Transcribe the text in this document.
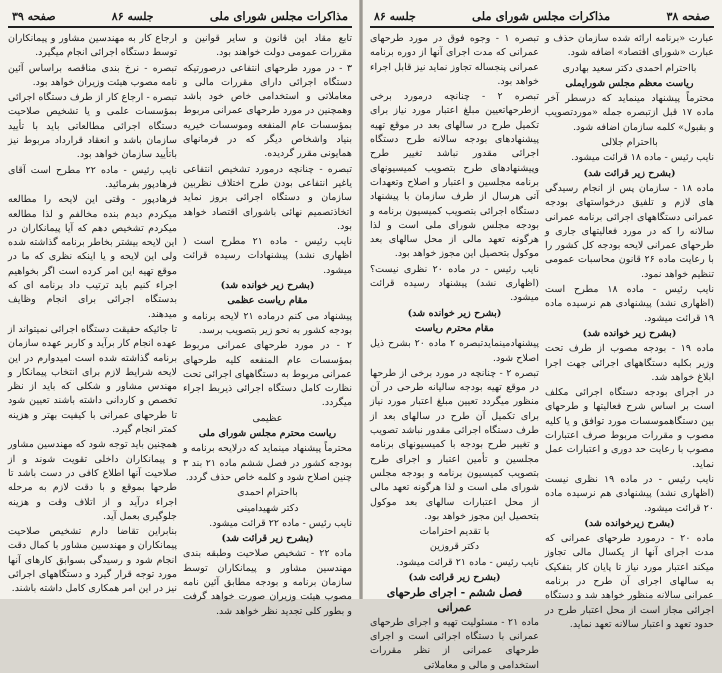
مذاکرات مجلس شورای ملی
جلسه ۸۶
صفحه ۳۹

تابع مقاد این قانون و سایر قوانین و مقررات عمومی دولت خواهند بود.

۳ - در مورد طرحهای انتفاعی درصورتیکه دستگاه اجرائی دارای مقررات مالی و معاملاتی و استخدامی خاص خود باشد وهمچنین در مورد طرحهای عمرانی مربوط بمؤسسات عام المنفعه وموسسات خیریه بنیاد واشخاص دیگر که در فرمانهای همایونی مقرر گردیده.

تبصره - چنانچه درمورد تشخیص انتفاعی یاغیر انتفاعی بودن طرح اختلاف نظربین سازمان و دستگاه اجرائی بروز نماید اتخاذتصمیم نهائی باشورای اقتصاد خواهد بود.

نایب رئیس - ماده ۲۱ مطرح است ( اظهاری نشد) پیشنهادات رسیده قرائت میشود.

(بشرح زیر خوانده شد)

مقام ریاست عظمی

پیشنهاد می کنم درماده ۲۱ لایحه برنامه و بودجه کشور به نحو زیر بتصویب برسد.

۲ - در مورد طرحهای عمرانی مربوط بمؤسسات عام المنفعه کلیه طرحهای عمرانی مربوط به دستگاههای اجرائی تحت نظارت کامل دستگاه اجرائی ذیربط اجراء میگردد.

عظیمی

ریاست محترم مجلس شورای ملی

محترماً پیشنهاد مینماید که درلایحه برنامه و بودجه کشور در فصل ششم ماده ۲۱ بند ۳ چنین اصلاح شود و کلمه خاص حذف گردد.

بااحترام احمدی

دکتر شهیدامینی

نایب رئیس - ماده ۲۲ قرائت میشود.

(بشرح زیر قرائت شد)

ماده ۲۲ - تشخیص صلاحیت وطبقه بندی مهندسین مشاور و پیمانکاران توسط سازمان برنامه و بودجه مطابق آئین نامه مصوب هیئت وزیران صورت خواهد گرفت و بطور کلی تجدید نظر خواهد شد.

ارجاع کار به مهندسین مشاور و پیمانکاران توسط دستگاه اجرائی انجام میگیرد.

تبصره - نرخ بندی مناقصه براساس آئین نامه مصوب هیئت وزیران خواهد بود.

تبصره - ارجاع کار از طرف دستگاه اجرائی بمؤسسات علمی و یا تشخیص صلاحیت دستگاه اجرائی مطالعاتی باید با تأیید سازمان باشد و انعقاد قرارداد مربوط نیز باتأیید سازمان خواهد بود.

نایب رئیس - ماده ۲۲ مطرح است آقای فرهادپور بفرمائید.

فرهادپور - وقتی این لایحه را مطالعه میکردم دیدم بنده مخالفم و لذا مطالعه میکردم تشخیص دهم که آیا پیمانکاران در این لایحه بیشتر بخاطر برنامه گذاشته شده ولی این لایحه و یا اینکه نظری که ما در موقع تهیه این امر کرده است اگر بخواهیم اجراء کنیم باید ترتیب داد برنامه ای که بدستگاه اجرائی برای انجام وظایف میدهند.

تا جائیکه حقیقت دستگاه اجرائی نمیتواند از عهده انجام کار برآید و کاربر عهده سازمان برنامه گذاشته شده است امیدوارم در این لایحه شرایط لازم برای انتخاب پیمانکار و مهندس مشاور و شکلی که باید از نظر تخصص و کاردانی داشته باشند تعیین شود تا طرحهای عمرانی با کیفیت بهتر و هزینه کمتر انجام گیرد.

همچنین باید توجه شود که مهندسین مشاور و پیمانکاران داخلی تقویت شوند و از صلاحیت آنها اطلاع کافی در دست باشد تا طرحها بموقع و با دقت لازم به مرحله اجراء درآید و از اتلاف وقت و هزینه جلوگیری بعمل آید.

بنابراین تقاضا دارم تشخیص صلاحیت پیمانکاران و مهندسین مشاور با کمال دقت انجام شود و رسیدگی بسوابق کارهای آنها مورد توجه قرار گیرد و دستگاههای اجرائی نیز در این امر همکاری کامل داشته باشند.

صفحه ۳۸
مذاکرات مجلس شورای ملی
جلسه ۸۶

عبارت «برنامه ارائه شده سازمان حذف و عبارت «شورای اقتصاد» اضافه شود.

بااحترام احمدی دکتر سعید بهادری

ریاست معظم مجلس شورایملی

محترماً پیشنهاد مینماید که درسطر آخر ماده ۱۷ قبل ازتبصره جمله «موردتصویب و بقبول» کلمه سازمان اضافه شود.

بااحترام جلالی

نایب رئیس - ماده ۱۸ قرائت میشود.

(بشرح زیر قرائت شد)

ماده ۱۸ - سازمان پس از انجام رسیدگی های لازم و تلفیق درخواستهای بودجه عمرانی دستگاههای اجرائی برنامه عمرانی سالانه را که در مورد فعالیتهای جاری و طرحهای عمرانی لایحه بودجه کل کشور را با رعایت ماده ۲۶ قانون محاسبات عمومی تنظیم خواهد نمود.

نایب رئیس - ماده ۱۸ مطرح است (اظهاری نشد) پیشنهادی هم نرسیده ماده ۱۹ قرائت میشود.

(بشرح زیر خوانده شد)

ماده ۱۹ - بودجه مصوب از طرف تحت وزیر بکلیه دستگاههای اجرائی جهت اجرا ابلاغ خواهد شد.

در اجرای بودجه دستگاه اجرائی مکلف است بر اساس شرح فعالیتها و طرحهای بین دستگاهموسسات مورد توافق و یا کلیه مصوب و مقررات مربوط صرف اعتبارات مصوب با رعایت حد دوری و اعتبارات عمل نماید.

نایب رئیس - در ماده ۱۹ نظری نیست (اظهاری نشد) پیشنهادی هم نرسیده ماده ۲۰ قرائت میشود.

(بشرح زیرخوانده شد)

ماده ۲۰ - درمورد طرحهای عمرانی که مدت اجرای آنها از یکسال مالی تجاوز میکند اعتبار مورد نیاز تا پایان کار بتفکیک به سالهای اجرای آن طرح در برنامه عمرانی سالانه منظور خواهد شد و دستگاه اجرائی مجاز است از محل اعتبار طرح در حدود تعهد و اعتبار سالانه تعهد نماید.

تبصره ۱ - وجوه فوق در مورد طرحهای عمرانی که مدت اجرای آنها از دوره برنامه عمرانی پنجساله تجاوز نماید نیز قابل اجراء خواهد بود.

تبصره ۲ - چنانچه درمورد برخی ازطرحهاتعیین مبلغ اعتبار مورد نیاز برای تکمیل طرح در سالهای بعد در موقع تهیه پیشنهادهای بودجه سالانه طرح دستگاه اجرائی مقدور نباشد تغییر طرح وپیشنهادهای طرح بتصویب کمیسیونهای برنامه مجلسین و اعتبار و اصلاح وتعهدات آتی هرسال از طرف سازمان با پیشنهاد دستگاه اجرائی بتصویب کمیسیون برنامه و بودجه مجلس شورای ملی است و لذا هرگونه تعهد مالی از محل سالهای بعد موکول بتحصیل این مجوز خواهد بود.

نایب رئیس - در ماده ۲۰ نظری نیست؟ (اظهاری نشد) پیشنهاد رسیده قرائت میشود.

(بشرح زیر خوانده شد)

مقام محترم ریاست

پیشنهادمینمایدتبصره ۲ ماده ۲۰ بشرح ذیل اصلاح شود.

تبصره ۲ - چنانچه در مورد برخی از طرحها در موقع تهیه بودجه سالیانه طرحی در آن منظور میگردد تعیین مبلغ اعتبار مورد نیاز برای تکمیل آن طرح در سالهای بعد از طرف دستگاه اجرائی مقدور نباشد تصویب و تغییر طرح بودجه با کمیسیونهای برنامه مجلسین و تأمین اعتبار و اجرای طرح بتصویب کمیسیون برنامه و بودجه مجلس شورای ملی است و لذا هرگونه تعهد مالی از محل اعتبارات سالهای بعد موکول بتحصیل این مجوز خواهد بود.

با تقدیم احترامات

دکتر قروزین

نایب رئیس - ماده ۲۱ قرائت میشود.

(بشرح زیر قرائت شد)

فصل ششم - اجرای طرحهای عمرانی

ماده ۲۱ - مسئولیت تهیه و اجرای طرحهای عمرانی با دستگاه اجرائی است و اجرای طرحهای عمرانی از نظر مقررات استخدامی و مالی و معاملاتی
